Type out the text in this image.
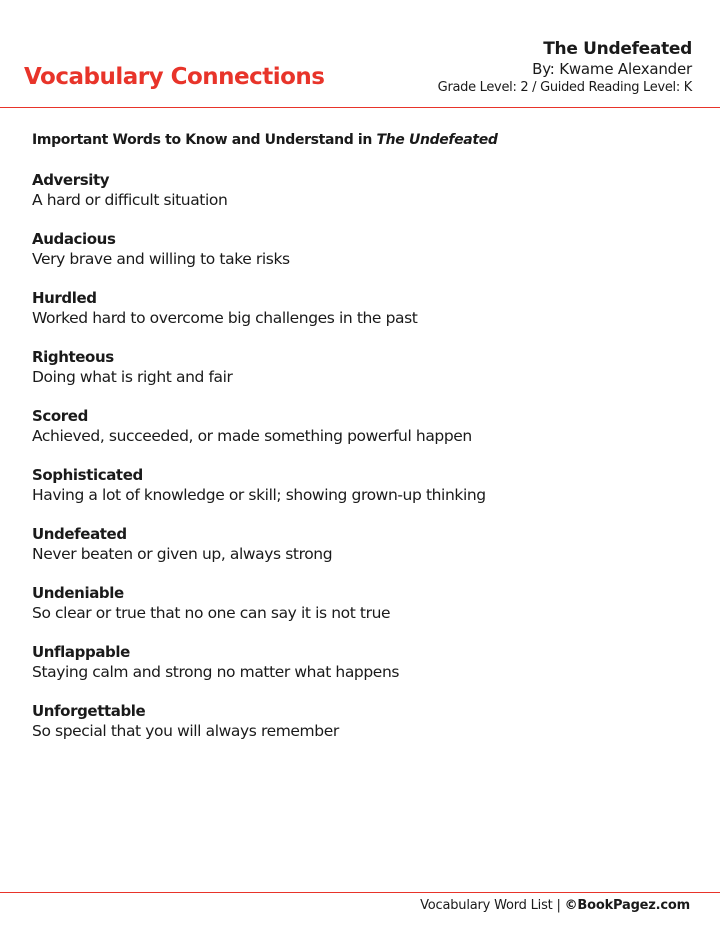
Vocabulary Connections
The Undefeated
By: Kwame Alexander
Grade Level: 2 / Guided Reading Level: K
Important Words to Know and Understand in The Undefeated
Adversity
A hard or difficult situation
Audacious
Very brave and willing to take risks
Hurdled
Worked hard to overcome big challenges in the past
Righteous
Doing what is right and fair
Scored
Achieved, succeeded, or made something powerful happen
Sophisticated
Having a lot of knowledge or skill; showing grown-up thinking
Undefeated
Never beaten or given up, always strong
Undeniable
So clear or true that no one can say it is not true
Unflappable
Staying calm and strong no matter what happens
Unforgettable
So special that you will always remember
Vocabulary Word List | ©BookPagez.com
